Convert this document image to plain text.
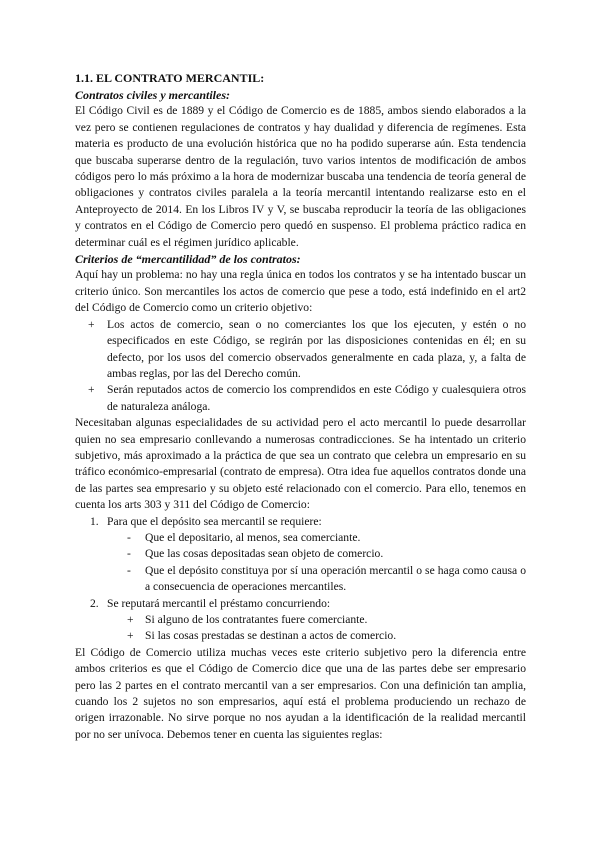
1.1. EL CONTRATO MERCANTIL:
Contratos civiles y mercantiles:

El Código Civil es de 1889 y el Código de Comercio es de 1885, ambos siendo elaborados a la vez pero se contienen regulaciones de contratos y hay dualidad y diferencia de regímenes. Esta materia es producto de una evolución histórica que no ha podido superarse aún. Esta tendencia que buscaba superarse dentro de la regulación, tuvo varios intentos de modificación de ambos códigos pero lo más próximo a la hora de modernizar buscaba una tendencia de teoría general de obligaciones y contratos civiles paralela a la teoría mercantil intentando realizarse esto en el Anteproyecto de 2014. En los Libros IV y V, se buscaba reproducir la teoría de las obligaciones y contratos en el Código de Comercio pero quedó en suspenso. El problema práctico radica en determinar cuál es el régimen jurídico aplicable.

Criterios de “mercantilidad” de los contratos:

Aquí hay un problema: no hay una regla única en todos los contratos y se ha intentado buscar un criterio único. Son mercantiles los actos de comercio que pese a todo, está indefinido en el art2 del Código de Comercio como un criterio objetivo:

+ Los actos de comercio, sean o no comerciantes los que los ejecuten, y estén o no especificados en este Código, se regirán por las disposiciones contenidas en él; en su defecto, por los usos del comercio observados generalmente en cada plaza, y, a falta de ambas reglas, por las del Derecho común.
+ Serán reputados actos de comercio los comprendidos en este Código y cualesquiera otros de naturaleza análoga.

Necesitaban algunas especialidades de su actividad pero el acto mercantil lo puede desarrollar quien no sea empresario conllevando a numerosas contradicciones. Se ha intentado un criterio subjetivo, más aproximado a la práctica de que sea un contrato que celebra un empresario en su tráfico económico-empresarial (contrato de empresa). Otra idea fue aquellos contratos donde una de las partes sea empresario y su objeto esté relacionado con el comercio. Para ello, tenemos en cuenta los arts 303 y 311 del Código de Comercio:

1. Para que el depósito sea mercantil se requiere:
- Que el depositario, al menos, sea comerciante.
- Que las cosas depositadas sean objeto de comercio.
- Que el depósito constituya por sí una operación mercantil o se haga como causa o a consecuencia de operaciones mercantiles.
2. Se reputará mercantil el préstamo concurriendo:
+ Si alguno de los contratantes fuere comerciante.
+ Si las cosas prestadas se destinan a actos de comercio.

El Código de Comercio utiliza muchas veces este criterio subjetivo pero la diferencia entre ambos criterios es que el Código de Comercio dice que una de las partes debe ser empresario pero las 2 partes en el contrato mercantil van a ser empresarios. Con una definición tan amplia, cuando los 2 sujetos no son empresarios, aquí está el problema produciendo un rechazo de origen irrazonable. No sirve porque no nos ayudan a la identificación de la realidad mercantil por no ser unívoca. Debemos tener en cuenta las siguientes reglas:
